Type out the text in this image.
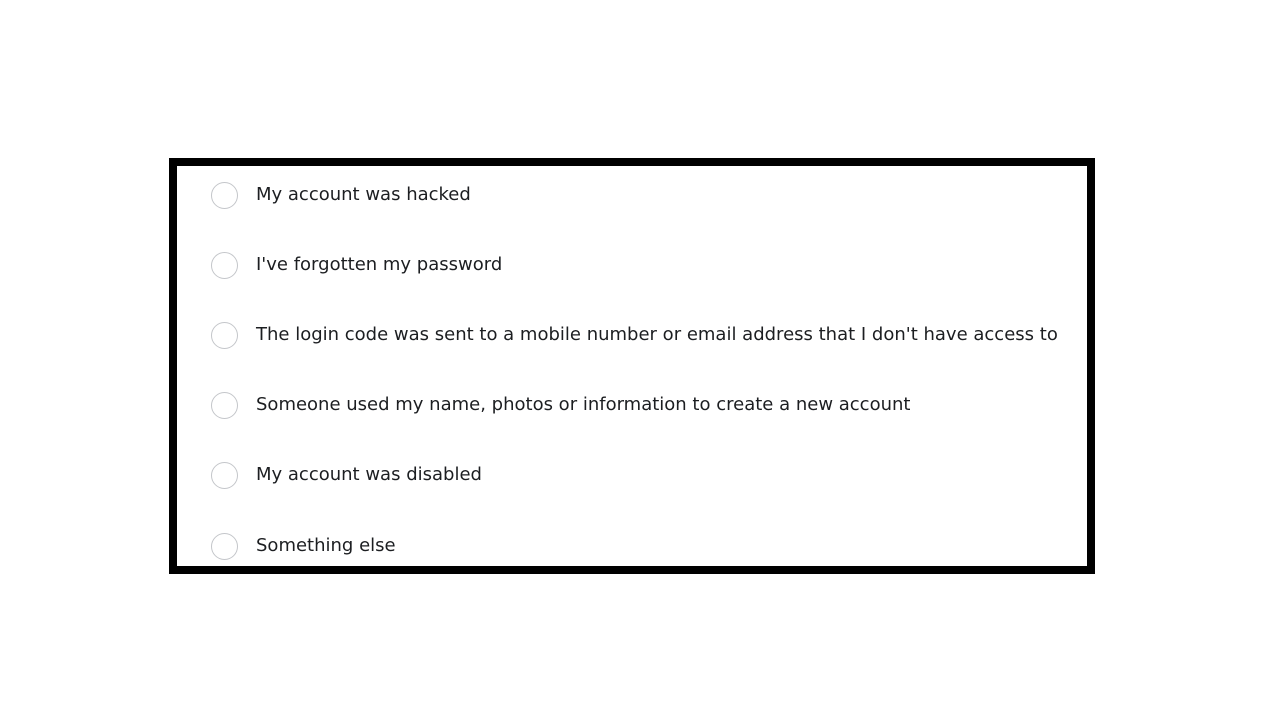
My account was hacked
I've forgotten my password
The login code was sent to a mobile number or email address that I don't have access to
Someone used my name, photos or information to create a new account
My account was disabled
Something else
